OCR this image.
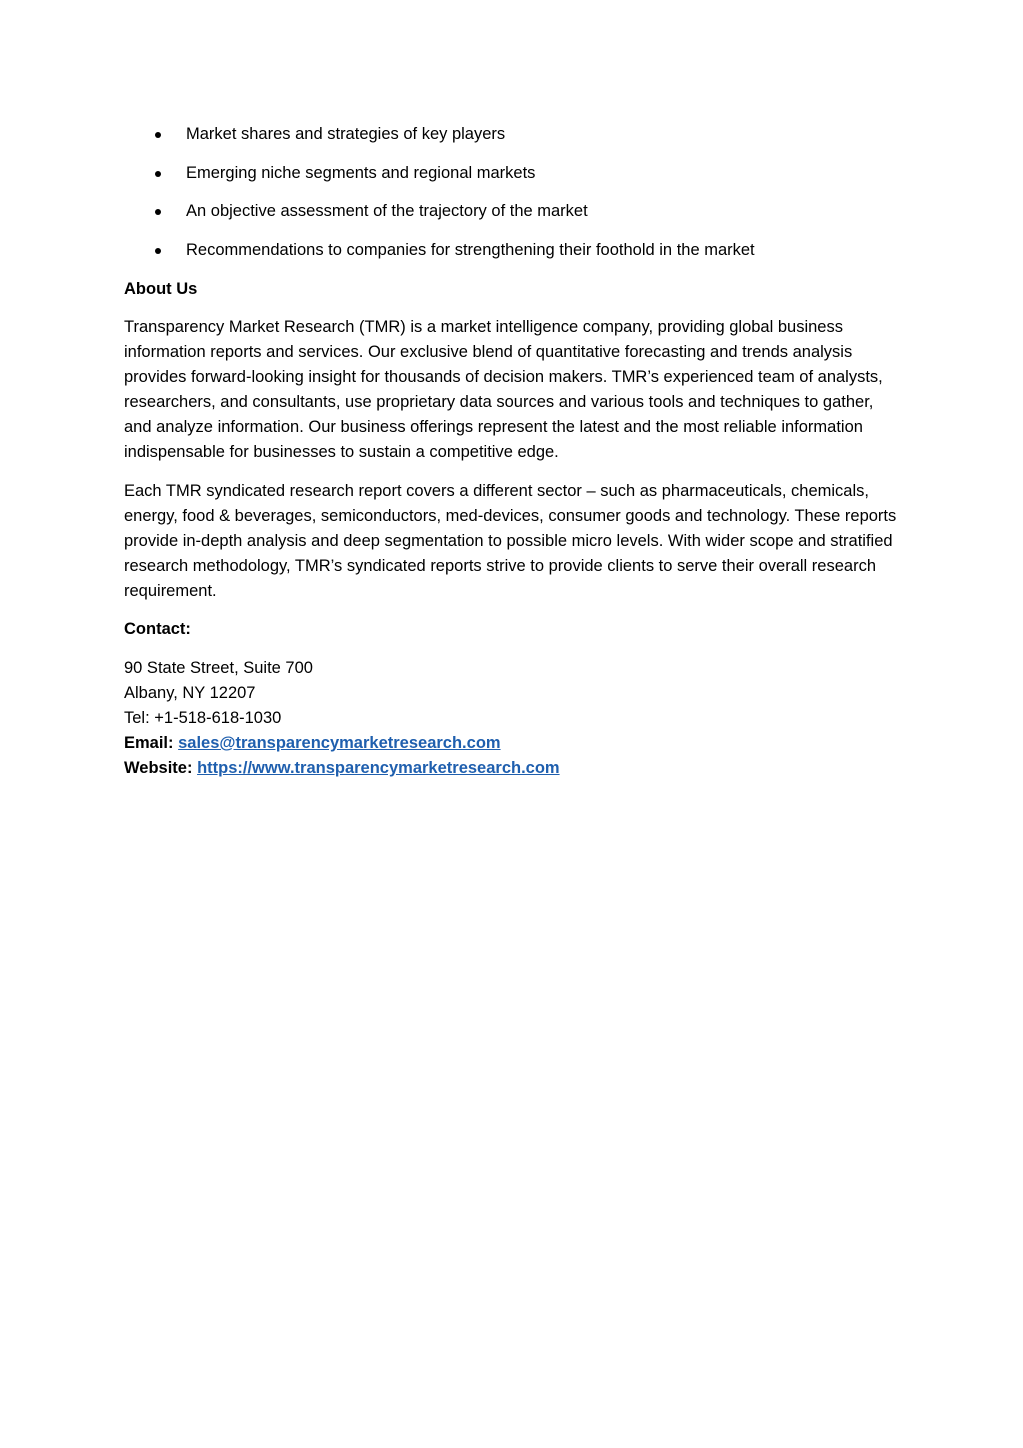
Market shares and strategies of key players
Emerging niche segments and regional markets
An objective assessment of the trajectory of the market
Recommendations to companies for strengthening their foothold in the market

About Us

Transparency Market Research (TMR) is a market intelligence company, providing global business information reports and services. Our exclusive blend of quantitative forecasting and trends analysis provides forward-looking insight for thousands of decision makers. TMR’s experienced team of analysts, researchers, and consultants, use proprietary data sources and various tools and techniques to gather, and analyze information. Our business offerings represent the latest and the most reliable information indispensable for businesses to sustain a competitive edge.

Each TMR syndicated research report covers a different sector – such as pharmaceuticals, chemicals, energy, food & beverages, semiconductors, med-devices, consumer goods and technology. These reports provide in-depth analysis and deep segmentation to possible micro levels. With wider scope and stratified research methodology, TMR’s syndicated reports strive to provide clients to serve their overall research requirement.

Contact:

90 State Street, Suite 700
Albany, NY 12207
Tel: +1-518-618-1030
Email: sales@transparencymarketresearch.com
Website: https://www.transparencymarketresearch.com
